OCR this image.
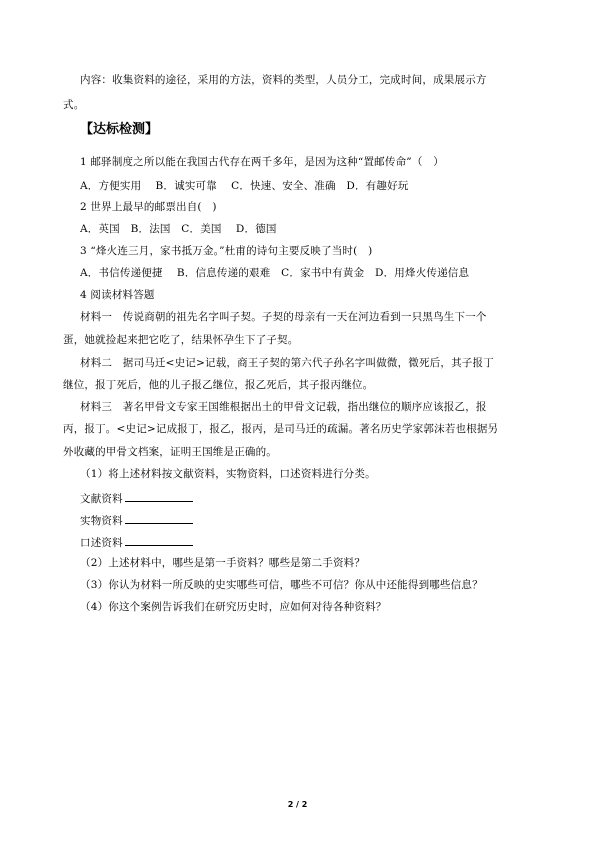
内容：收集资料的途径，采用的方法，资料的类型，人员分工，完成时间，成果展示方
式。
【达标检测】
1 邮驿制度之所以能在我国古代存在两千多年，是因为这种“置邮传命”（　）
A．方便实用　 B．诚实可靠　 C．快速、安全、准确　D．有趣好玩
2 世界上最早的邮票出自(　)
A．英国　B．法国　C．美国　 D．德国
3 “烽火连三月，家书抵万金。”杜甫的诗句主要反映了当时(　)
A．书信传递便捷　 B．信息传递的艰难　C．家书中有黄金　D．用烽火传递信息
4 阅读材料答题
材料一　传说商朝的祖先名字叫子契。子契的母亲有一天在河边看到一只黑鸟生下一个
蛋，她就捡起来把它吃了，结果怀孕生下了子契。
材料二　据司马迁<史记>记载，商王子契的第六代子孙名字叫做微，微死后，其子报丁
继位，报丁死后，他的儿子报乙继位，报乙死后，其子报丙继位。
材料三　著名甲骨文专家王国维根据出土的甲骨文记载，指出继位的顺序应该报乙，报
丙，报丁。<史记>记成报丁，报乙，报丙，是司马迁的疏漏。著名历史学家郭沫若也根据另
外收藏的甲骨文档案，证明王国维是正确的。
（1）将上述材料按文献资料，实物资料，口述资料进行分类。
文献资料
实物资料
口述资料
（2）上述材料中，哪些是第一手资料？哪些是第二手资料？
（3）你认为材料一所反映的史实哪些可信，哪些不可信？你从中还能得到哪些信息？
（4）你这个案例告诉我们在研究历史时，应如何对待各种资料？
2 / 2
